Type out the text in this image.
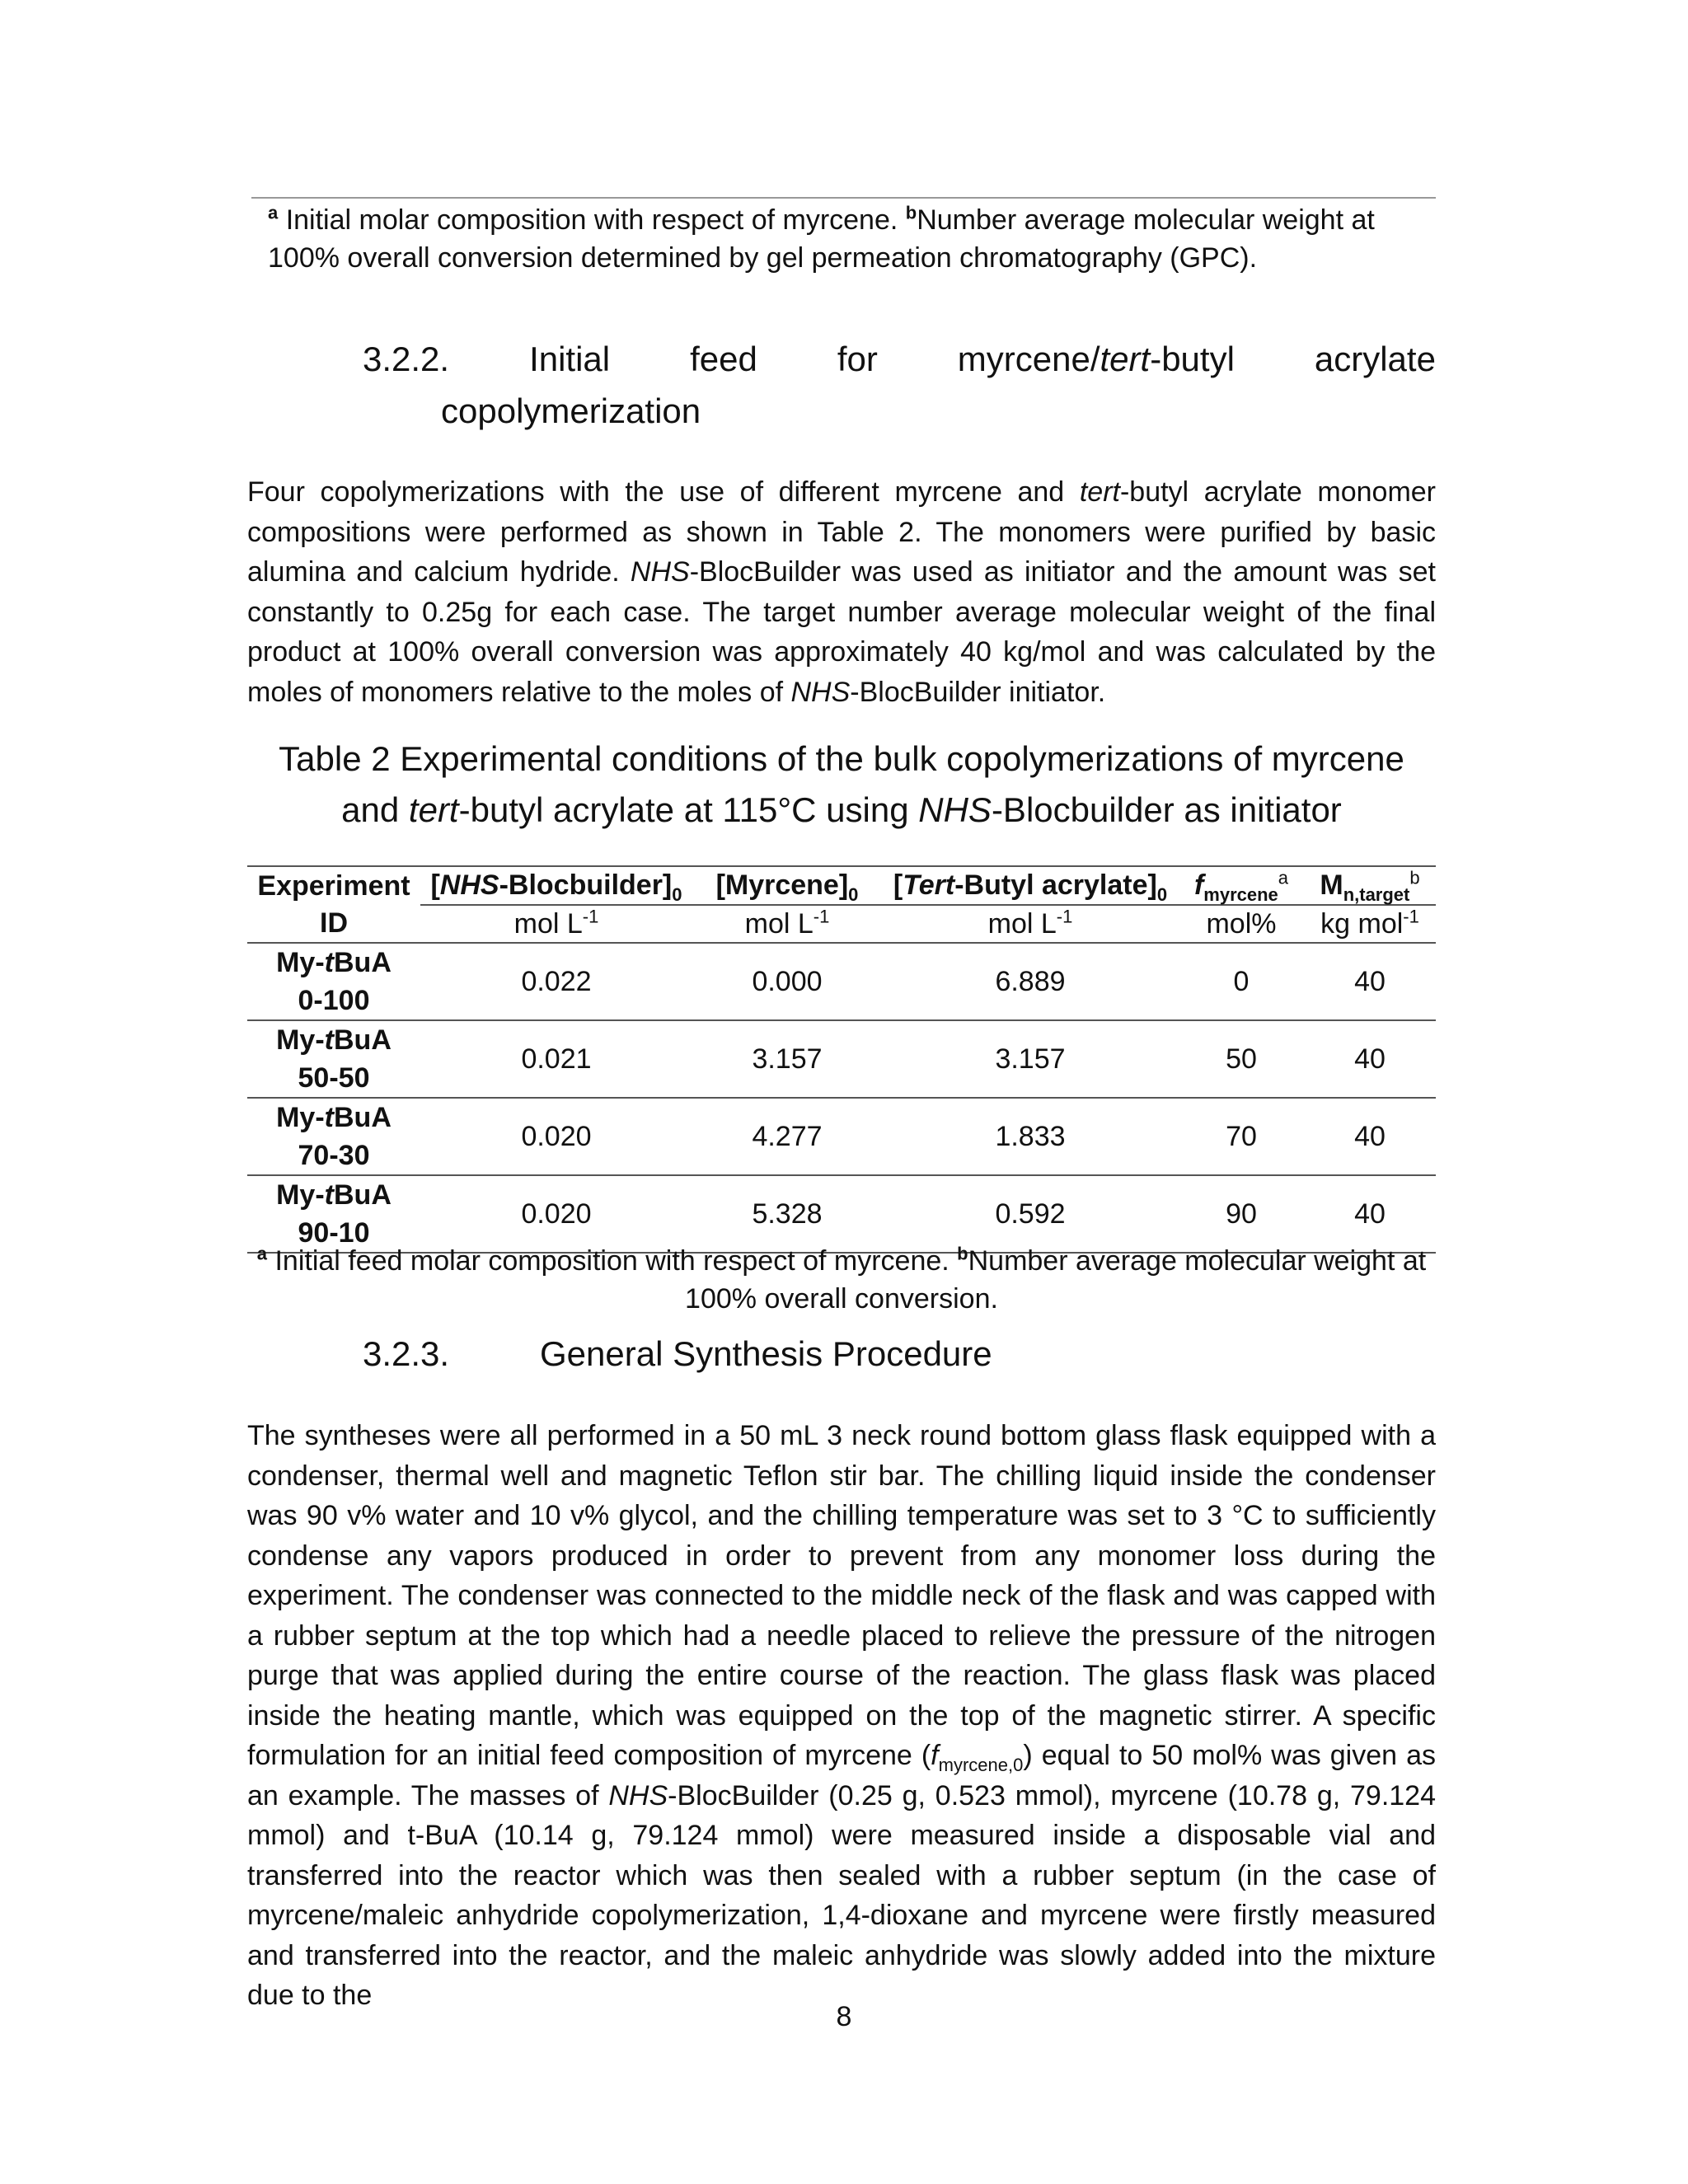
$^a$ Initial molar composition with respect of myrcene. $^b$Number average molecular weight at 100% overall conversion determined by gel permeation chromatography (GPC).
3.2.2. Initial feed for myrcene/tert-butyl acrylate
copolymerization

Four copolymerizations with the use of different myrcene and tert-butyl acrylate monomer compositions were performed as shown in Table 2. The monomers were purified by basic alumina and calcium hydride. NHS-BlocBuilder was used as initiator and the amount was set constantly to 0.25g for each case. The target number average molecular weight of the final product at 100% overall conversion was approximately 40 kg/mol and was calculated by the moles of monomers relative to the moles of NHS-BlocBuilder initiator.

Table 2 Experimental conditions of the bulk copolymerizations of myrcene and tert-butyl acrylate at 115°C using NHS-Blocbuilder as initiator
Experiment	$[NHS-Blocbuilder]_0$	$[Myrcene]_0$	[Tert-Butyl $acrylate]_0$	$f_{myrcene}^a$	$M_{n,target}^b$
ID	mol $L^{-1}$	mol $L^{-1}$	mol $L^{-1}$	mol%	kg mol$^{-1}$
My-tBuA
0-100	0.022	0.000	6.889	0	40
My-tBuA
50-50	0.021	3.157	3.157	50	40
My-tBuA
70-30	0.020	4.277	1.833	70	40
My-tBuA
90-10	0.020	5.328	0.592	90	40
$^a$ Initial feed molar composition with respect of myrcene. $^b$Number average molecular weight at 100% overall conversion.
3.2.3.	General Synthesis Procedure

The syntheses were all performed in a 50 mL 3 neck round bottom glass flask equipped with a condenser, thermal well and magnetic Teflon stir bar. The chilling liquid inside the condenser was 90 v% water and 10 v% glycol, and the chilling temperature was set to 3 °C to sufficiently condense any vapors produced in order to prevent from any monomer loss during the experiment. The condenser was connected to the middle neck of the flask and was capped with a rubber septum at the top which had a needle placed to relieve the pressure of the nitrogen purge that was applied during the entire course of the reaction. The glass flask was placed inside the heating mantle, which was equipped on the top of the magnetic stirrer. A specific formulation for an initial feed composition of myrcene $(f_{myrcene,0})$ equal to 50 mol% was given as an example. The masses of NHS-BlocBuilder (0.25 g, 0.523 mmol), myrcene (10.78 g, 79.124 mmol) and t-BuA (10.14 g, 79.124 mmol) were measured inside a disposable vial and transferred into the reactor which was then sealed with a rubber septum (in the case of myrcene/maleic anhydride copolymerization, 1,4-dioxane and myrcene were firstly measured and transferred into the reactor, and the maleic anhydride was slowly added into the mixture due to the

8
